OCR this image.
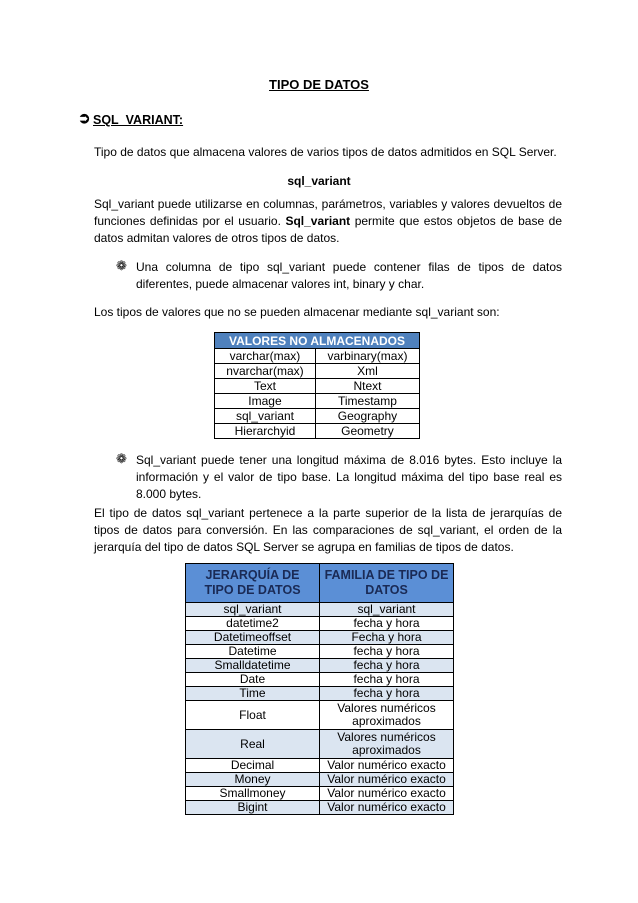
TIPO DE DATOS
➲ SQL_VARIANT:
Tipo de datos que almacena valores de varios tipos de datos admitidos en SQL Server.
sql_variant
Sql_variant puede utilizarse en columnas, parámetros, variables y valores devueltos de funciones definidas por el usuario. Sql_variant permite que estos objetos de base de datos admitan valores de otros tipos de datos.
❁ Una columna de tipo sql_variant puede contener filas de tipos de datos diferentes, puede almacenar valores int, binary y char.
Los tipos de valores que no se pueden almacenar mediante sql_variant son:
VALORES NO ALMACENADOS	
varchar(max)	varbinary(max)
nvarchar(max)	Xml
Text	Ntext
Image	Timestamp
sql_variant	Geography
Hierarchyid	Geometry
❁ Sql_variant puede tener una longitud máxima de 8.016 bytes. Esto incluye la información y el valor de tipo base. La longitud máxima del tipo base real es 8.000 bytes.
El tipo de datos sql_variant pertenece a la parte superior de la lista de jerarquías de tipos de datos para conversión. En las comparaciones de sql_variant, el orden de la jerarquía del tipo de datos SQL Server se agrupa en familias de tipos de datos.
JERARQUÍA DE TIPO DE DATOS	FAMILIA DE TIPO DE DATOS
sql_variant	sql_variant
datetime2	fecha y hora
Datetimeoffset	Fecha y hora
Datetime	fecha y hora
Smalldatetime	fecha y hora
Date	fecha y hora
Time	fecha y hora
Float	Valores numéricos aproximados
Real	Valores numéricos aproximados
Decimal	Valor numérico exacto
Money	Valor numérico exacto
Smallmoney	Valor numérico exacto
Bigint	Valor numérico exacto
